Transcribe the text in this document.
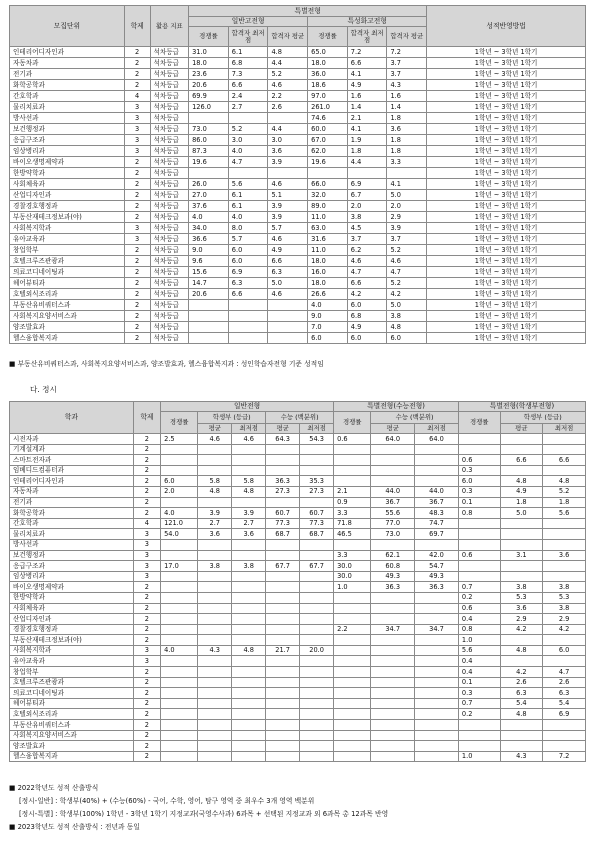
모집단위	학제	활용 지표	특별전형						성적반영방법
			일반고전형			특성화고전형			
			경쟁률	합격자 최저점	합격자 평균	경쟁률	합격자 최저점	합격자 평균	
인테리어디자인과	2	석차등급	31.0	6.1	4.8	65.0	7.2	7.2	1학년 ~ 3학년 1학기
자동차과	2	석차등급	18.0	6.8	4.4	18.0	6.6	3.7	1학년 ~ 3학년 1학기
전기과	2	석차등급	23.6	7.3	5.2	36.0	4.1	3.7	1학년 ~ 3학년 1학기
화학공학과	2	석차등급	20.6	6.6	4.6	18.6	4.9	4.3	1학년 ~ 3학년 1학기
간호학과	4	석차등급	69.9	2.4	2.2	97.0	1.6	1.6	1학년 ~ 3학년 1학기
물리치료과	3	석차등급	126.0	2.7	2.6	261.0	1.4	1.4	1학년 ~ 3학년 1학기
방사선과	3	석차등급				74.6	2.1	1.8	1학년 ~ 3학년 1학기
보건행정과	3	석차등급	73.0	5.2	4.4	60.0	4.1	3.6	1학년 ~ 3학년 1학기
응급구조과	3	석차등급	86.0	3.0	3.0	67.0	1.9	1.8	1학년 ~ 3학년 1학기
임상병리과	3	석차등급	87.3	4.0	3.6	62.0	1.8	1.8	1학년 ~ 3학년 1학기
바이오생명제약과	2	석차등급	19.6	4.7	3.9	19.6	4.4	3.3	1학년 ~ 3학년 1학기
한방약학과	2	석차등급							1학년 ~ 3학년 1학기
사회체육과	2	석차등급	26.0	5.6	4.6	66.0	6.9	4.1	1학년 ~ 3학년 1학기
산업디자인과	2	석차등급	27.0	6.1	5.1	32.0	6.7	5.0	1학년 ~ 3학년 1학기
경찰경호행정과	2	석차등급	37.6	6.1	3.9	89.0	2.0	2.0	1학년 ~ 3학년 1학기
부동산재테크정보과(야)	2	석차등급	4.0	4.0	3.9	11.0	3.8	2.9	1학년 ~ 3학년 1학기
사회복지학과	3	석차등급	34.0	8.0	5.7	63.0	4.5	3.9	1학년 ~ 3학년 1학기
유아교육과	3	석차등급	36.6	5.7	4.6	31.6	3.7	3.7	1학년 ~ 3학년 1학기
창업학부	2	석차등급	9.0	6.0	4.9	11.0	6.2	5.2	1학년 ~ 3학년 1학기
호텔크루즈관광과	2	석차등급	9.6	6.0	6.6	18.0	4.6	4.6	1학년 ~ 3학년 1학기
의료코디네이팅과	2	석차등급	15.6	6.9	6.3	16.0	4.7	4.7	1학년 ~ 3학년 1학기
헤어뷰티과	2	석차등급	14.7	6.3	5.0	18.0	6.6	5.2	1학년 ~ 3학년 1학기
호텔외식조리과	2	석차등급	20.6	6.6	4.6	26.6	4.2	4.2	1학년 ~ 3학년 1학기
부동산유비쿼터스과	2	석차등급				4.0	6.0	5.0	1학년 ~ 3학년 1학기
사회복지요양서비스과	2	석차등급				9.0	6.8	3.8	1학년 ~ 3학년 1학기
양조발효과	2	석차등급				7.0	4.9	4.8	1학년 ~ 3학년 1학기
헬스융합복지과	2	석차등급				6.0	6.0	6.0	1학년 ~ 3학년 1학기
■ 부동산유비쿼터스과, 사회복지요양서비스과, 양조발효과, 헬스융합복지과 : 성인학습자전형 기준 성적임
다. 정시
학과	학제	일반전형					특별전형(수능전형)			특별전형(학생부전형)		
		경쟁률	학생부 (등급)		수능 (백분위)		경쟁률	수능 (백분위)		경쟁률	학생부 (등급)	
			평균	최저점	평균	최저점		평균	최저점		평균	최저점
시전자과	2	2.5	4.6	4.6	64.3	54.3	0.6	64.0	64.0			
기계설계과	2											
스마트전자과	2									0.6	6.6	6.6
임베디드컴퓨터과	2									0.3		
인테리어디자인과	2	6.0	5.8	5.8	36.3	35.3				6.0	4.8	4.8
자동차과	2	2.0	4.8	4.8	27.3	27.3	2.1	44.0	44.0	0.3	4.9	5.2
전기과	2						0.9	36.7	36.7	0.1	1.8	1.8
화학공학과	2	4.0	3.9	3.9	60.7	60.7	3.3	55.6	48.3	0.8	5.0	5.6
간호학과	4	121.0	2.7	2.7	77.3	77.3	71.8	77.0	74.7			
물리치료과	3	54.0	3.6	3.6	68.7	68.7	46.5	73.0	69.7			
방사선과	3											
보건행정과	3						3.3	62.1	42.0	0.6	3.1	3.6
응급구조과	3	17.0	3.8	3.8	67.7	67.7	30.0	60.8	54.7			
임상병리과	3						30.0	49.3	49.3			
바이오생명제약과	2						1.0	36.3	36.3	0.7	3.8	3.8
한방약학과	2									0.2	5.3	5.3
사회체육과	2									0.6	3.6	3.8
산업디자인과	2									0.4	2.9	2.9
경찰경호행정과	2						2.2	34.7	34.7	0.8	4.2	4.2
부동산재테크정보과(야)	2									1.0		
사회복지학과	3	4.0	4.3	4.8	21.7	20.0				5.6	4.8	6.0
유아교육과	3									0.4		
창업학부	2									0.4	4.2	4.7
호텔크루즈관광과	2									0.1	2.6	2.6
의료코디네이팅과	2									0.3	6.3	6.3
헤어뷰티과	2									0.7	5.4	5.4
호텔외식조리과	2									0.2	4.8	6.9
부동산유비쿼터스과	2											
사회복지요양서비스과	2											
양조발효과	2											
헬스융합복지과	2									1.0	4.3	7.2
■ 2022학년도 성적 산출방식
[정시-일반] : 학생부(40%) + (수능(60%) - 국어, 수학, 영어, 탐구 영역 중 최우수 3개 영역 백분위
[정시-특별] : 학생부(100%) 1학년 - 3학년 1학기 지정교과(국영수사과) 6과목 + 선택된 지정교과 외 6과목 총 12과목 반영
■ 2023학년도 성적 산출방식 : 전년과 동일
